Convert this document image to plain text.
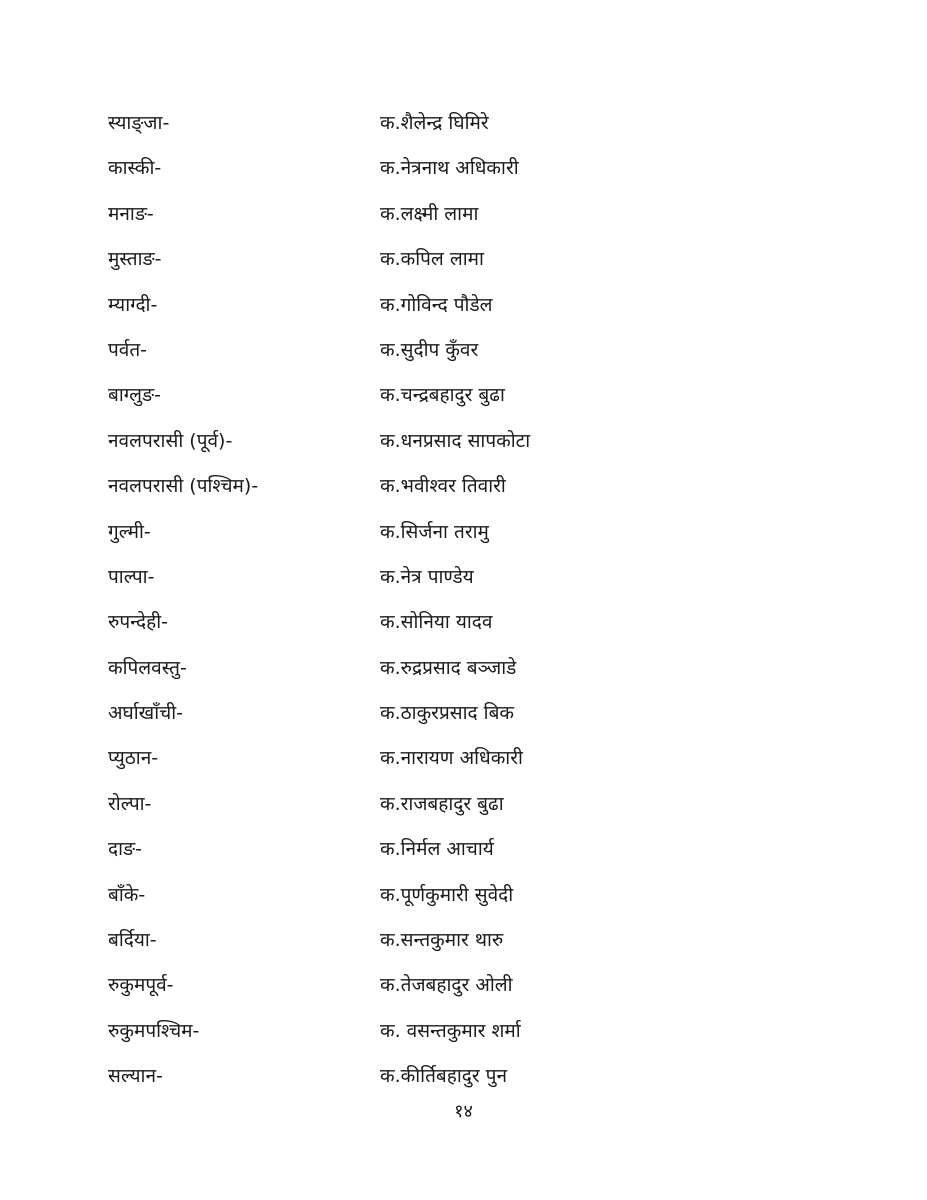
स्याङ्जा-	क.शैलेन्द्र घिमिरे
कास्की-	क.नेत्रनाथ अधिकारी
मनाङ-	क.लक्ष्मी लामा
मुस्ताङ-	क.कपिल लामा
म्याग्दी-	क.गोविन्द पौडेल
पर्वत-	क.सुदीप कुँवर
बाग्लुङ-	क.चन्द्रबहादुर बुढा
नवलपरासी (पूर्व)-	क.धनप्रसाद सापकोटा
नवलपरासी (पश्चिम)-	क.भवीश्वर तिवारी
गुल्मी-	क.सिर्जना तरामु
पाल्पा-	क.नेत्र पाण्डेय
रुपन्देही-	क.सोनिया यादव
कपिलवस्तु-	क.रुद्रप्रसाद बञ्जाडे
अर्घाखाँची-	क.ठाकुरप्रसाद बिक
प्युठान-	क.नारायण अधिकारी
रोल्पा-	क.राजबहादुर बुढा
दाङ-	क.निर्मल आचार्य
बाँके-	क.पूर्णकुमारी सुवेदी
बर्दिया-	क.सन्तकुमार थारु
रुकुमपूर्व-	क.तेजबहादुर ओली
रुकुमपश्चिम-	क. वसन्तकुमार शर्मा
सल्यान-	क.कीर्तिबहादुर पुन
१४
